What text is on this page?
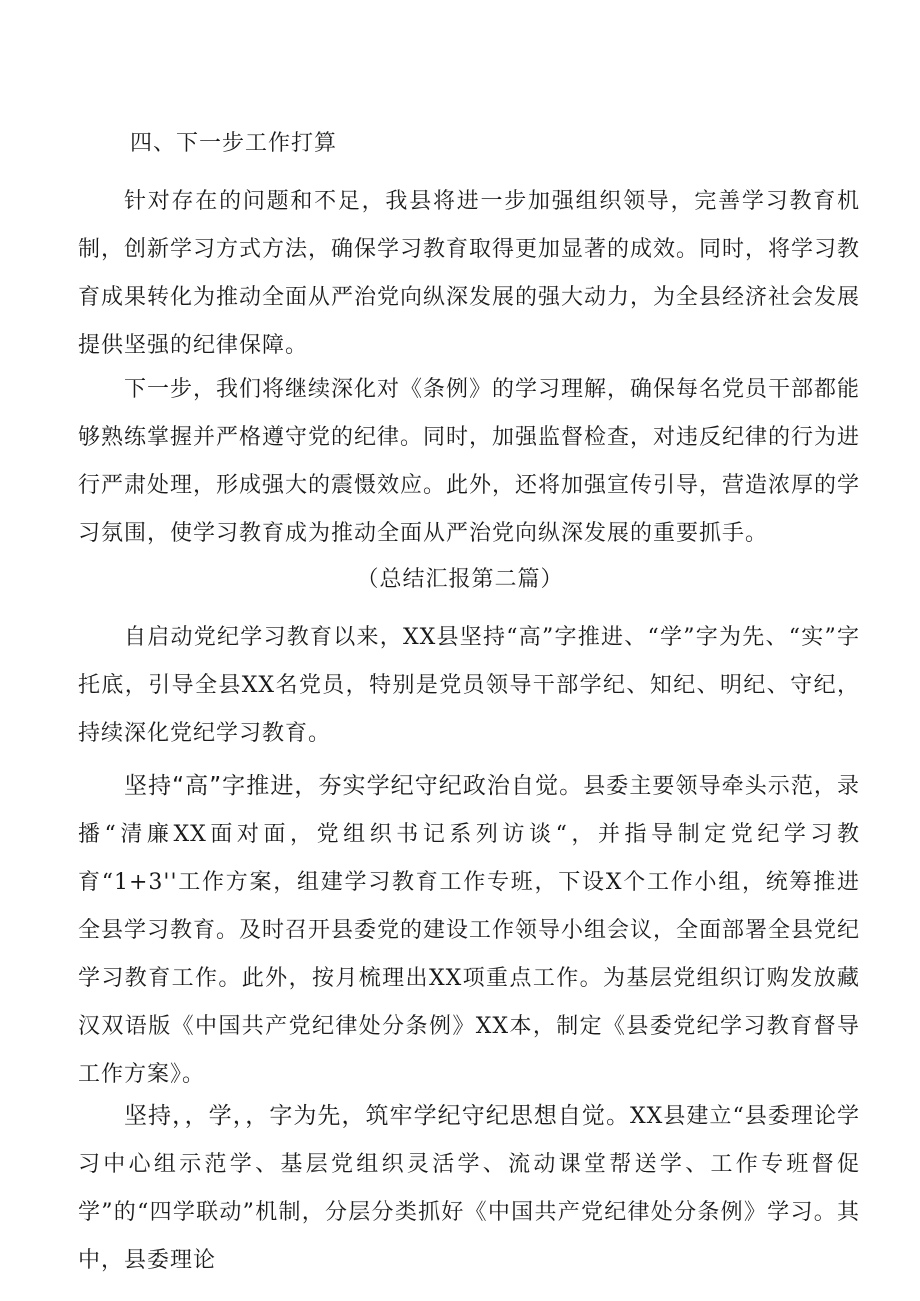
四、下一步工作打算

针对存在的问题和不足，我县将进一步加强组织领导，完善学习教育机制，创新学习方式方法，确保学习教育取得更加显著的成效。同时，将学习教育成果转化为推动全面从严治党向纵深发展的强大动力，为全县经济社会发展提供坚强的纪律保障。

下一步，我们将继续深化对《条例》的学习理解，确保每名党员干部都能够熟练掌握并严格遵守党的纪律。同时，加强监督检查，对违反纪律的行为进行严肃处理，形成强大的震慑效应。此外，还将加强宣传引导，营造浓厚的学习氛围，使学习教育成为推动全面从严治党向纵深发展的重要抓手。

（总结汇报第二篇）

自启动党纪学习教育以来，XX县坚持“高”字推进、“学”字为先、“实”字托底，引导全县XX名党员，特别是党员领导干部学纪、知纪、明纪、守纪，持续深化党纪学习教育。

坚持“高”字推进，夯实学纪守纪政治自觉。县委主要领导牵头示范，录播“清廉XX面对面，党组织书记系列访谈“，并指导制定党纪学习教育“1+3''工作方案，组建学习教育工作专班，下设X个工作小组，统筹推进全县学习教育。及时召开县委党的建设工作领导小组会议，全面部署全县党纪学习教育工作。此外，按月梳理出XX项重点工作。为基层党组织订购发放藏汉双语版《中国共产党纪律处分条例》XX本，制定《县委党纪学习教育督导工作方案》。

坚持，，学，，字为先，筑牢学纪守纪思想自觉。XX县建立“县委理论学习中心组示范学、基层党组织灵活学、流动课堂帮送学、工作专班督促学”的“四学联动”机制，分层分类抓好《中国共产党纪律处分条例》学习。其中，县委理论
